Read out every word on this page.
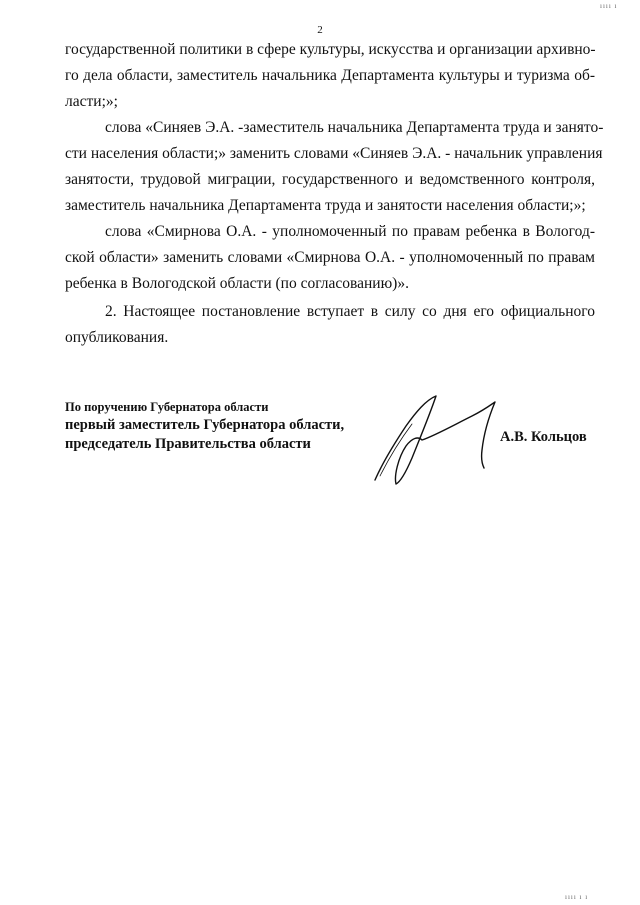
2
государственной политики в сфере культуры, искусства и организации архивно-
го дела области, заместитель начальника Департамента культуры и туризма об-
ласти;»;
слова «Синяев Э.А. -заместитель начальника Департамента труда и занято-
сти населения области;» заменить словами «Синяев Э.А. - начальник управления
занятости, трудовой миграции, государственного и ведомственного контроля,
заместитель начальника Департамента труда и занятости населения области;»;
слова «Смирнова О.А. - уполномоченный по правам ребенка в Вологод-
ской области» заменить словами «Смирнова О.А. - уполномоченный по правам
ребенка в Вологодской области (по согласованию)».
2. Настоящее постановление вступает в силу со дня его официального
опубликования.
По поручению Губернатора области
первый заместитель Губернатора области,
председатель Правительства области	А.В. Кольцов
ıııı ı
ıııı ı ı
